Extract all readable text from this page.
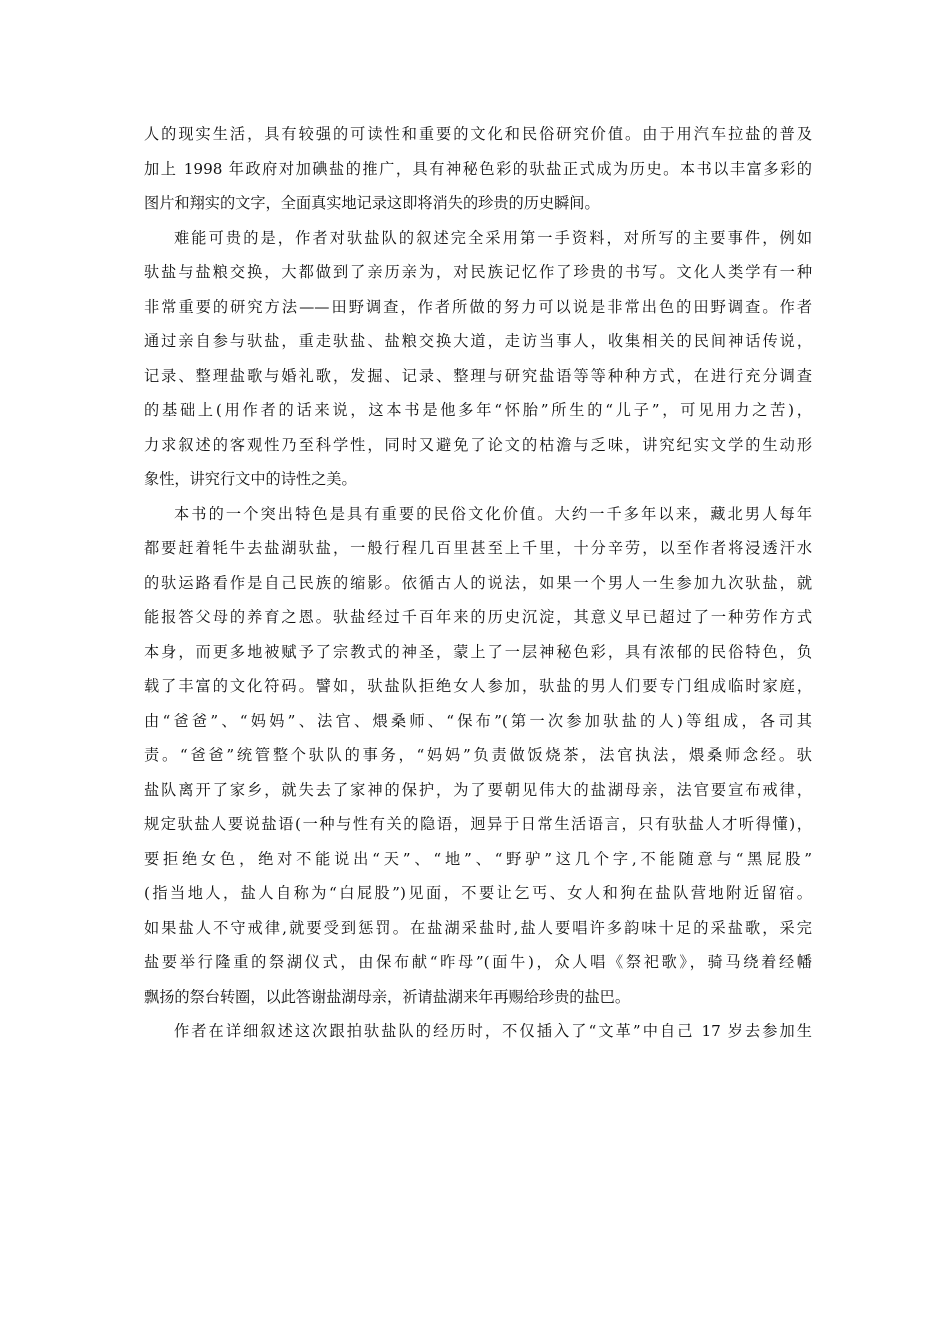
人的现实生活，具有较强的可读性和重要的文化和民俗研究价值。由于用汽车拉盐的普及
加上 1998 年政府对加碘盐的推广，具有神秘色彩的驮盐正式成为历史。本书以丰富多彩的
图片和翔实的文字，全面真实地记录这即将消失的珍贵的历史瞬间。
难能可贵的是，作者对驮盐队的叙述完全采用第一手资料，对所写的主要事件，例如
驮盐与盐粮交换，大都做到了亲历亲为，对民族记忆作了珍贵的书写。文化人类学有一种
非常重要的研究方法——田野调查，作者所做的努力可以说是非常出色的田野调查。作者
通过亲自参与驮盐，重走驮盐、盐粮交换大道，走访当事人，收集相关的民间神话传说，
记录、整理盐歌与婚礼歌，发掘、记录、整理与研究盐语等等种种方式，在进行充分调查
的基础上(用作者的话来说，这本书是他多年“怀胎”所生的“儿子”，可见用力之苦)，
力求叙述的客观性乃至科学性，同时又避免了论文的枯澹与乏味，讲究纪实文学的生动形
象性，讲究行文中的诗性之美。
本书的一个突出特色是具有重要的民俗文化价值。大约一千多年以来，藏北男人每年
都要赶着牦牛去盐湖驮盐，一般行程几百里甚至上千里，十分辛劳，以至作者将浸透汗水
的驮运路看作是自己民族的缩影。依循古人的说法，如果一个男人一生参加九次驮盐，就
能报答父母的养育之恩。驮盐经过千百年来的历史沉淀，其意义早已超过了一种劳作方式
本身，而更多地被赋予了宗教式的神圣，蒙上了一层神秘色彩，具有浓郁的民俗特色，负
载了丰富的文化符码。譬如，驮盐队拒绝女人参加，驮盐的男人们要专门组成临时家庭，
由“爸爸”、“妈妈”、法官、煨桑师、“保布”(第一次参加驮盐的人)等组成，各司其
责。“爸爸”统管整个驮队的事务，“妈妈”负责做饭烧茶，法官执法，煨桑师念经。驮
盐队离开了家乡，就失去了家神的保护，为了要朝见伟大的盐湖母亲，法官要宣布戒律，
规定驮盐人要说盐语(一种与性有关的隐语，迥异于日常生活语言，只有驮盐人才听得懂)，
要拒绝女色，绝对不能说出“天”、“地”、“野驴”这几个字,不能随意与“黑屁股”
(指当地人，盐人自称为“白屁股”)见面，不要让乞丐、女人和狗在盐队营地附近留宿。
如果盐人不守戒律,就要受到惩罚。在盐湖采盐时,盐人要唱许多韵味十足的采盐歌，采完
盐要举行隆重的祭湖仪式，由保布献“昨母”(面牛)，众人唱《祭祀歌》，骑马绕着经幡
飘扬的祭台转圈，以此答谢盐湖母亲，祈请盐湖来年再赐给珍贵的盐巴。
作者在详细叙述这次跟拍驮盐队的经历时，不仅插入了“文革”中自己 17 岁去参加生
